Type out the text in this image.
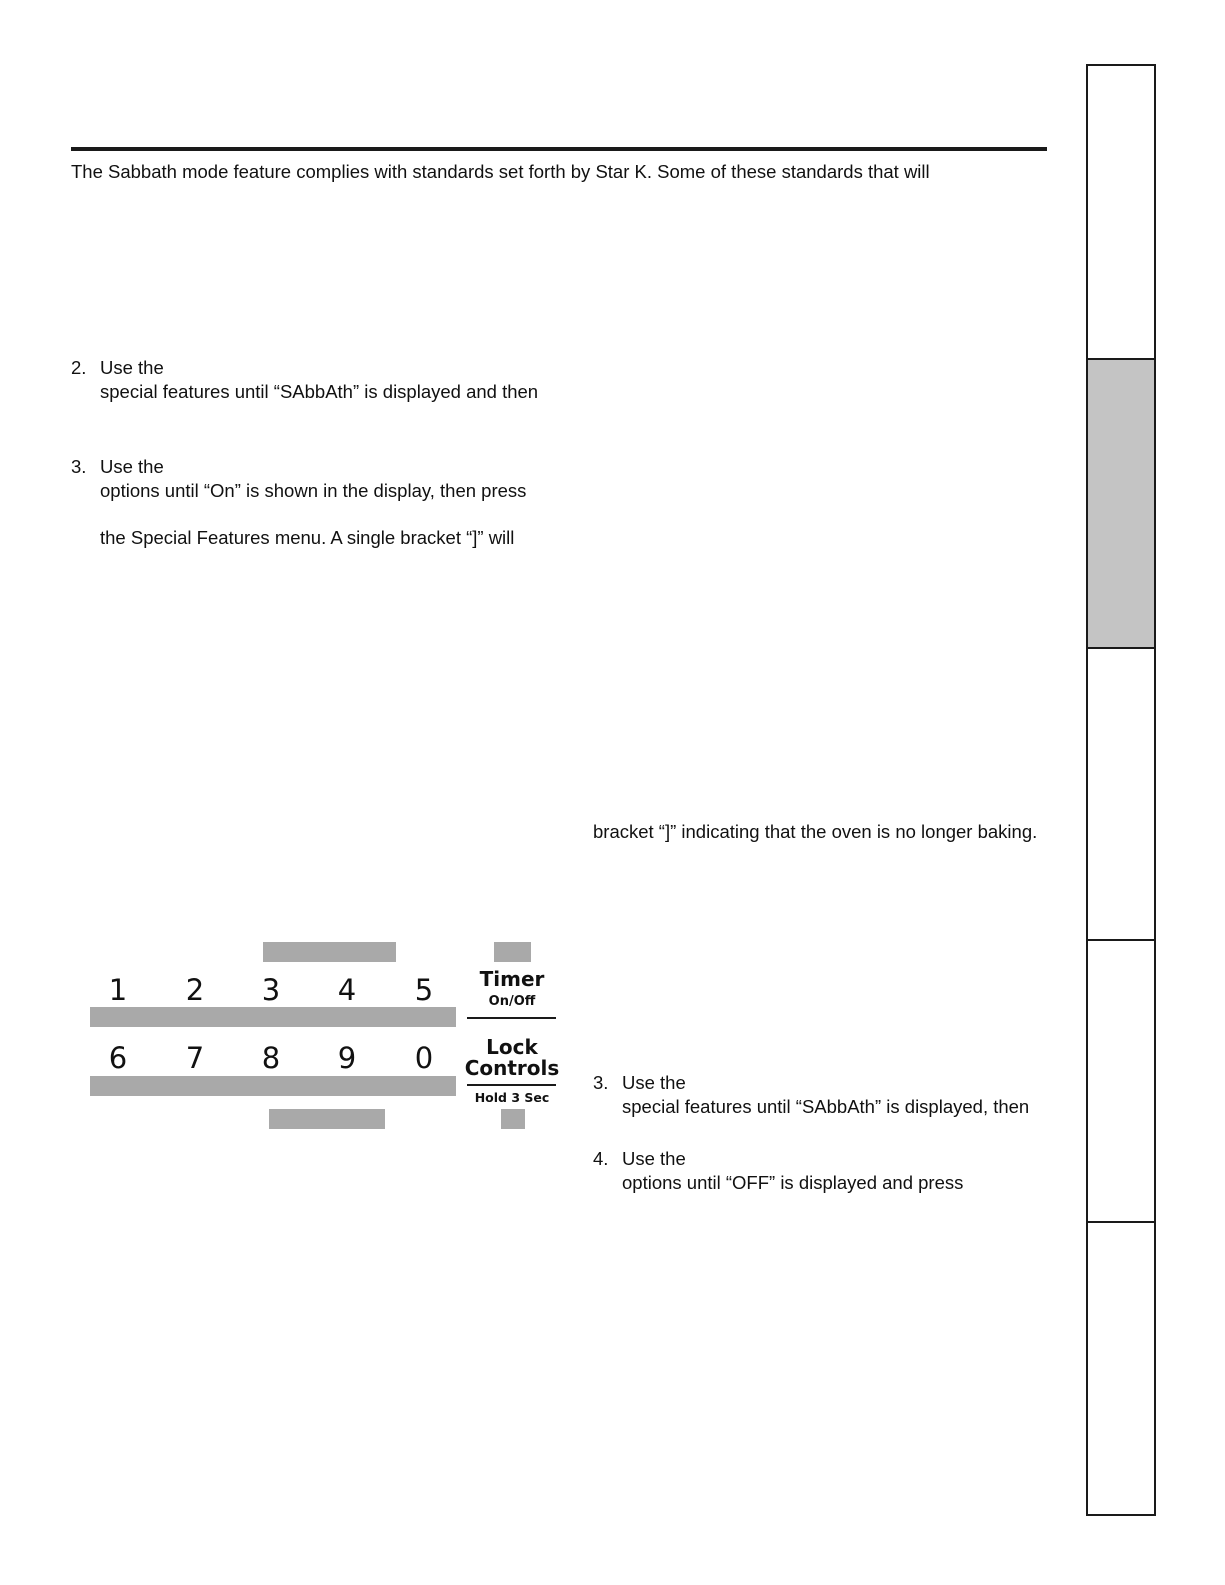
The Sabbath mode feature complies with standards set forth by Star K. Some of these standards that will
2. Use the
special features until “SAbbAth” is displayed and then
3. Use the
options until “On” is shown in the display, then press
the Special Features menu. A single bracket “]” will
bracket “]” indicating that the oven is no longer baking.
3. Use the
special features until “SAbbAth” is displayed, then
4. Use the
options until “OFF” is displayed and press
1	2	3	4	5	Timer
On/Off
6	7	8	9	0	Lock
Controls
Hold 3 Sec
